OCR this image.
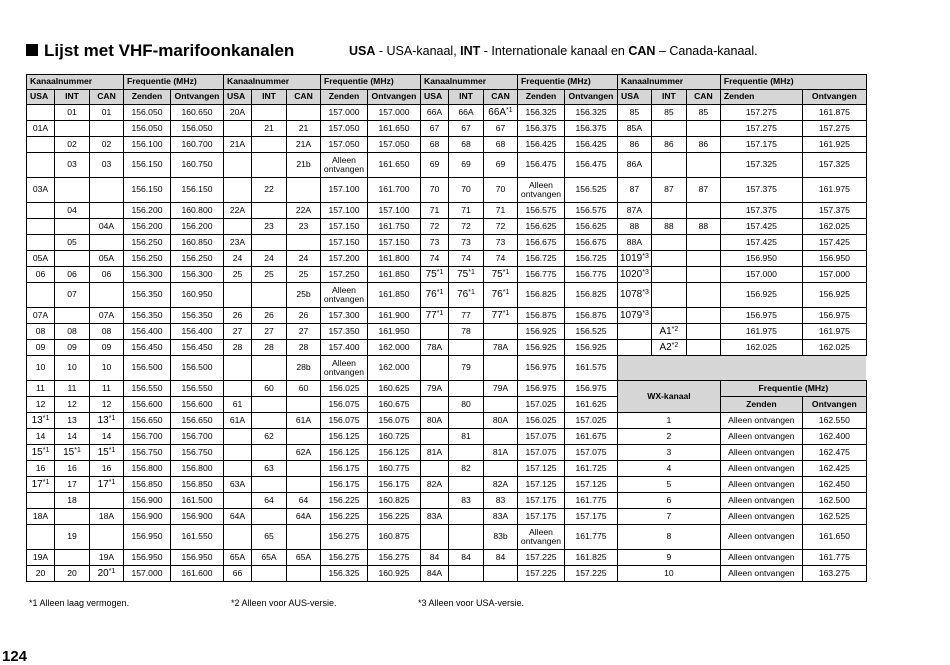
Lijst met VHF-marifoonkanalen	USA - USA-kanaal, INT - Internationale kanaal en CAN – Canada-kanaal.
Kanaalnummer			Frequentie (MHz)		Kanaalnummer			Frequentie (MHz)		Kanaalnummer			Frequentie (MHz)		Kanaalnummer			Frequentie (MHz)	
USA	INT	CAN	Zenden	Ontvangen	USA	INT	CAN	Zenden	Ontvangen	USA	INT	CAN	Zenden	Ontvangen	USA	INT	CAN	Zenden	Ontvangen
	01	01	156.050	160.650	20A			157.000	157.000	66A	66A	$66A^{*1}$	156.325	156.325	85	85	85	157.275	161.875
01A			156.050	156.050		21	21	157.050	161.650	67	67	67	156.375	156.375	85A			157.275	157.275
	02	02	156.100	160.700	21A		21A	157.050	157.050	68	68	68	156.425	156.425	86	86	86	157.175	161.925
	03	03	156.150	160.750			21b	Alleen ontvangen	161.650	69	69	69	156.475	156.475	86A			157.325	157.325
03A			156.150	156.150		22		157.100	161.700	70	70	70	Alleen ontvangen	156.525	87	87	87	157.375	161.975
	04		156.200	160.800	22A		22A	157.100	157.100	71	71	71	156.575	156.575	87A			157.375	157.375
		04A	156.200	156.200		23	23	157.150	161.750	72	72	72	156.625	156.625	88	88	88	157.425	162.025
	05		156.250	160.850	23A			157.150	157.150	73	73	73	156.675	156.675	88A			157.425	157.425
05A		05A	156.250	156.250	24	24	24	157.200	161.800	74	74	74	156.725	156.725	1019$^{*3}$			156.950	156.950
06	06	06	156.300	156.300	25	25	25	157.250	161.850	75$^{*1}$	75$^{*1}$	75$^{*1}$	156.775	156.775	1020$^{*3}$			157.000	157.000
	07		156.350	160.950			25b	Alleen ontvangen	161.850	76$^{*1}$	76$^{*1}$	76$^{*1}$	156.825	156.825	1078$^{*3}$			156.925	156.925
07A		07A	156.350	156.350	26	26	26	157.300	161.900	77$^{*1}$	77	77$^{*1}$	156.875	156.875	1079$^{*3}$			156.975	156.975
08	08	08	156.400	156.400	27	27	27	157.350	161.950		78		156.925	156.525		A1$^{*2}$		161.975	161.975
09	09	09	156.450	156.450	28	28	28	157.400	162.000	78A		78A	156.925	156.925		A2$^{*2}$		162.025	162.025
10	10	10	156.500	156.500			28b	Alleen ontvangen	162.000		79		156.975	161.575					
11	11	11	156.550	156.550		60	60	156.025	160.625	79A		79A	156.975	156.975	WX-kanaal			Frequentie (MHz)	
12	12	12	156.600	156.600	61			156.075	160.675		80		157.025	161.625				Zenden	Ontvangen
13$^{*1}$	13	13$^{*1}$	156.650	156.650	61A		61A	156.075	156.075	80A		80A	156.025	157.025	1			Alleen ontvangen	162.550
14	14	14	156.700	156.700		62		156.125	160.725		81		157.075	161.675	2			Alleen ontvangen	162.400
15$^{*1}$	15$^{*1}$	15$^{*1}$	156.750	156.750			62A	156.125	156.125	81A		81A	157.075	157.075	3			Alleen ontvangen	162.475
16	16	16	156.800	156.800		63		156.175	160.775		82		157.125	161.725	4			Alleen ontvangen	162.425
17$^{*1}$	17	17$^{*1}$	156.850	156.850	63A			156.175	156.175	82A		82A	157.125	157.125	5			Alleen ontvangen	162.450
	18		156.900	161.500		64	64	156.225	160.825		83	83	157.175	161.775	6			Alleen ontvangen	162.500
18A		18A	156.900	156.900	64A		64A	156.225	156.225	83A		83A	157.175	157.175	7			Alleen ontvangen	162.525
	19		156.950	161.550		65		156.275	160.875			83b	Alleen ontvangen	161.775	8			Alleen ontvangen	161.650
19A		19A	156.950	156.950	65A	65A	65A	156.275	156.275	84	84	84	157.225	161.825	9			Alleen ontvangen	161.775
20	20	20$^{*1}$	157.000	161.600	66			156.325	160.925	84A			157.225	157.225	10			Alleen ontvangen	163.275
*1 Alleen laag vermogen.	*2 Alleen voor AUS-versie.	*3 Alleen voor USA-versie.
124
